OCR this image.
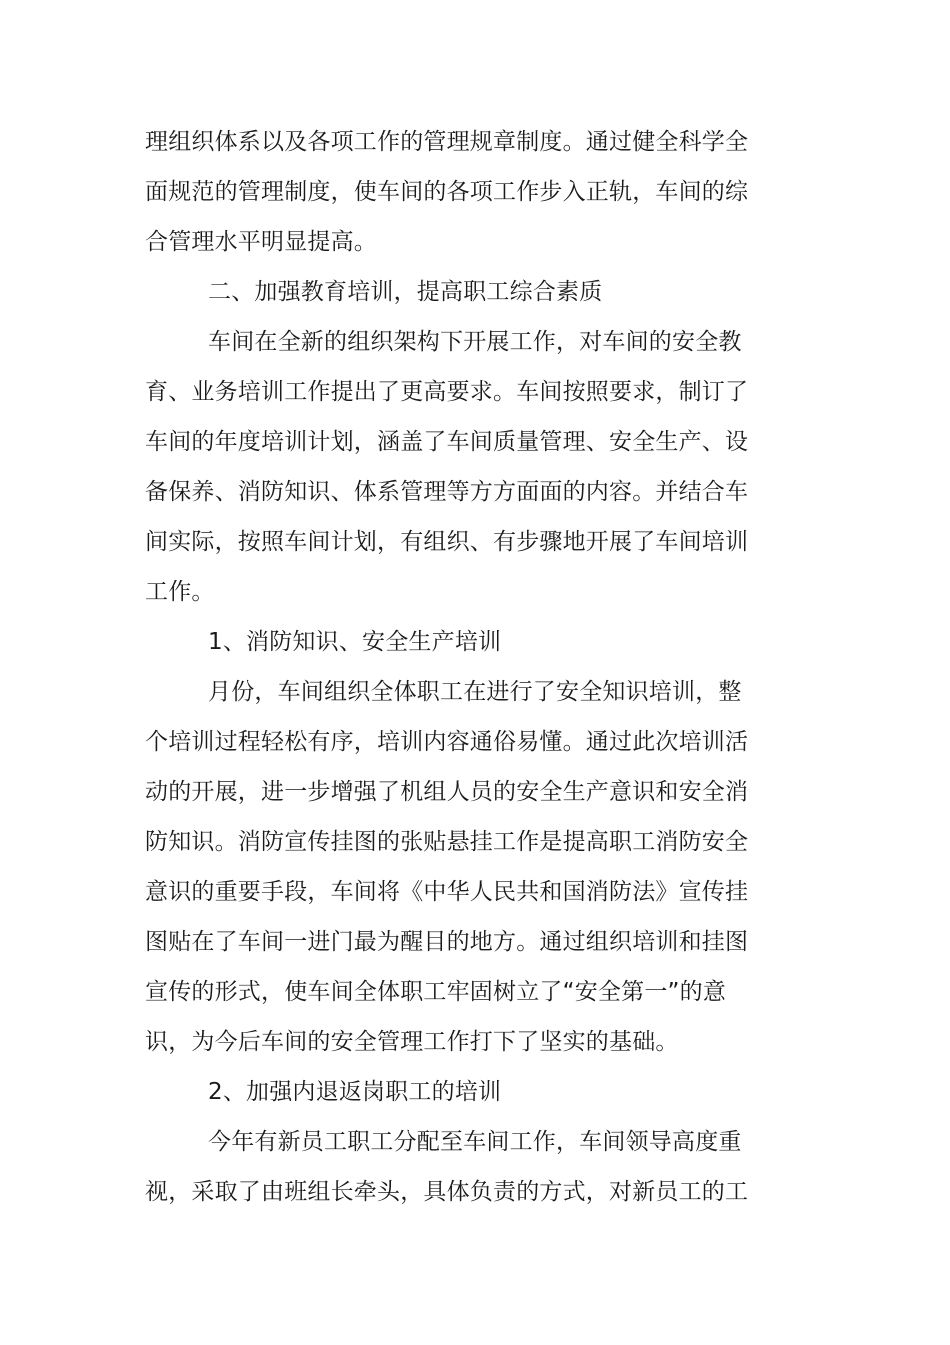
理组织体系以及各项工作的管理规章制度。通过健全科学全

面规范的管理制度，使车间的各项工作步入正轨，车间的综

合管理水平明显提高。

二、加强教育培训，提高职工综合素质

车间在全新的组织架构下开展工作，对车间的安全教

育、业务培训工作提出了更高要求。车间按照要求，制订了

车间的年度培训计划，涵盖了车间质量管理、安全生产、设

备保养、消防知识、体系管理等方方面面的内容。并结合车

间实际，按照车间计划，有组织、有步骤地开展了车间培训

工作。

1、消防知识、安全生产培训

月份，车间组织全体职工在进行了安全知识培训，整

个培训过程轻松有序，培训内容通俗易懂。通过此次培训活

动的开展，进一步增强了机组人员的安全生产意识和安全消

防知识。消防宣传挂图的张贴悬挂工作是提高职工消防安全

意识的重要手段，车间将《中华人民共和国消防法》宣传挂

图贴在了车间一进门最为醒目的地方。通过组织培训和挂图

宣传的形式，使车间全体职工牢固树立了“安全第一”的意

识，为今后车间的安全管理工作打下了坚实的基础。

2、加强内退返岗职工的培训

今年有新员工职工分配至车间工作，车间领导高度重

视，采取了由班组长牵头，具体负责的方式，对新员工的工
